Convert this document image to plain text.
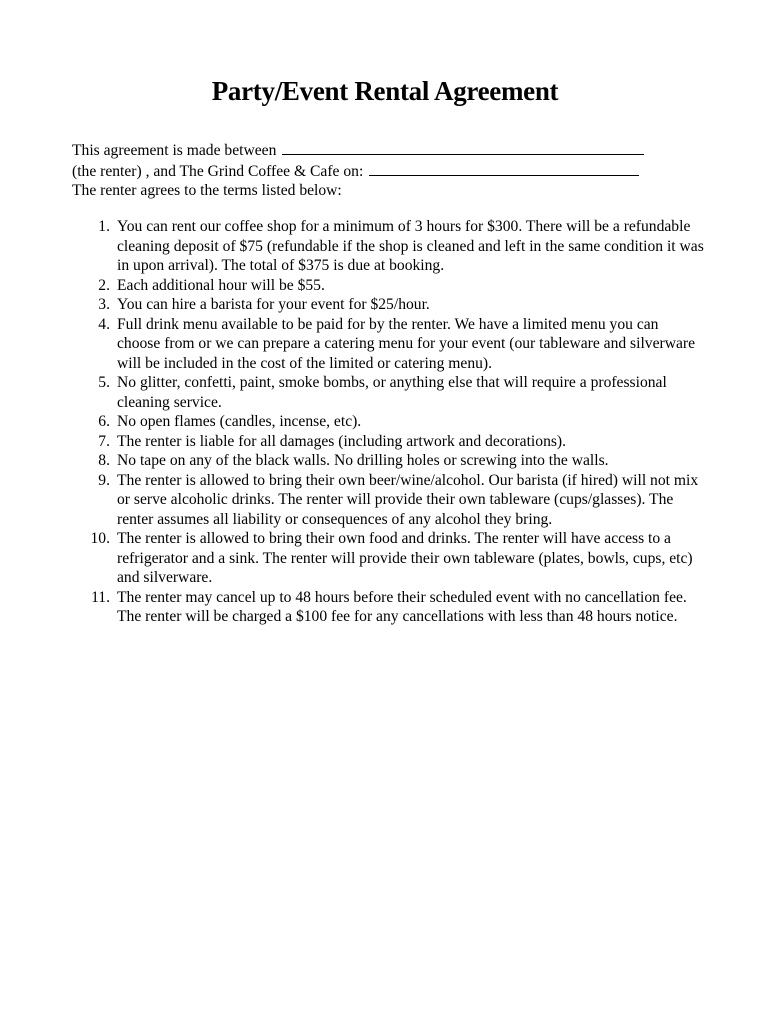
Party/Event Rental Agreement
This agreement is made between
(the renter) , and The Grind Coffee & Cafe on:
The renter agrees to the terms listed below:
1. You can rent our coffee shop for a minimum of 3 hours for $300. There will be a refundable cleaning deposit of $75 (refundable if the shop is cleaned and left in the same condition it was in upon arrival). The total of $375 is due at booking.
2. Each additional hour will be $55.
3. You can hire a barista for your event for $25/hour.
4. Full drink menu available to be paid for by the renter. We have a limited menu you can choose from or we can prepare a catering menu for your event (our tableware and silverware will be included in the cost of the limited or catering menu).
5. No glitter, confetti, paint, smoke bombs, or anything else that will require a professional cleaning service.
6. No open flames (candles, incense, etc).
7. The renter is liable for all damages (including artwork and decorations).
8. No tape on any of the black walls. No drilling holes or screwing into the walls.
9. The renter is allowed to bring their own beer/wine/alcohol. Our barista (if hired) will not mix or serve alcoholic drinks. The renter will provide their own tableware (cups/glasses). The renter assumes all liability or consequences of any alcohol they bring.
10. The renter is allowed to bring their own food and drinks. The renter will have access to a refrigerator and a sink. The renter will provide their own tableware (plates, bowls, cups, etc) and silverware.
11. The renter may cancel up to 48 hours before their scheduled event with no cancellation fee. The renter will be charged a $100 fee for any cancellations with less than 48 hours notice.
